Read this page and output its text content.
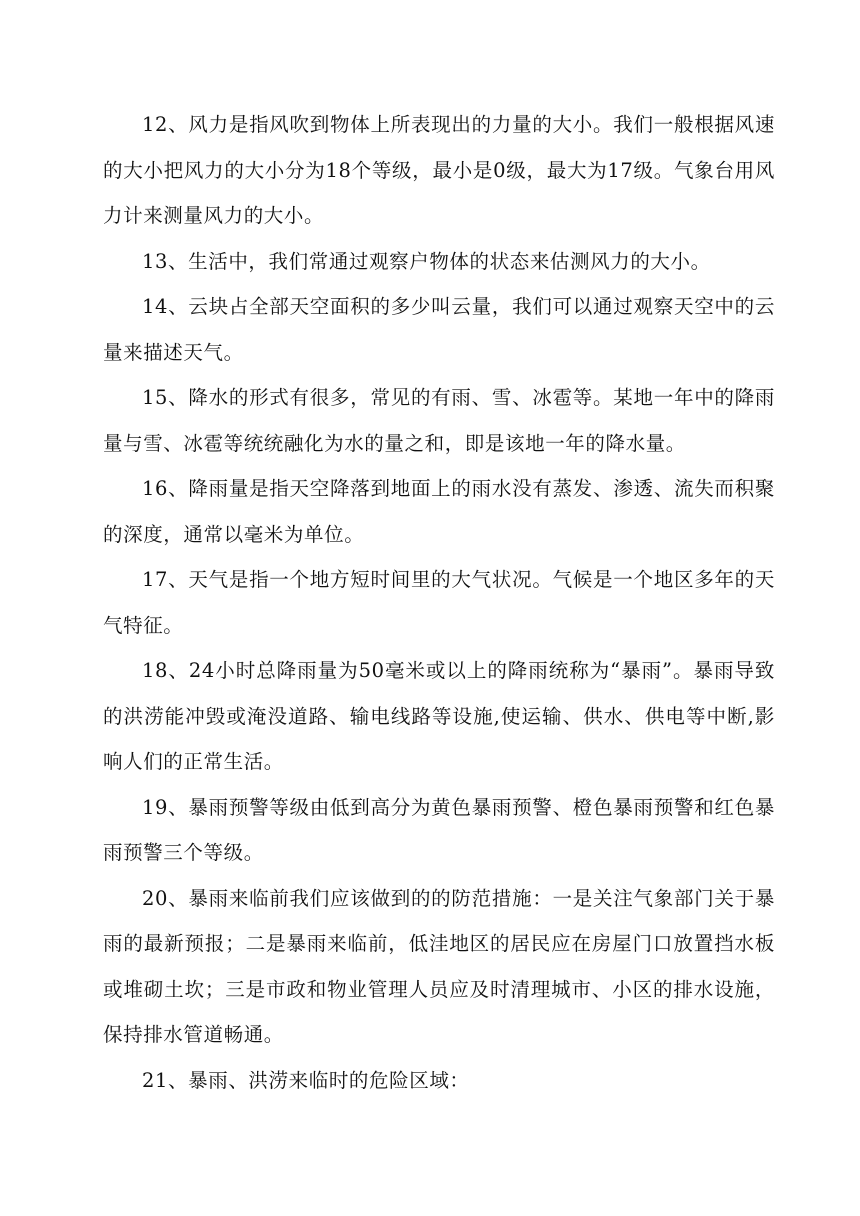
12、风力是指风吹到物体上所表现出的力量的大小。我们一般根据风速的大小把风力的大小分为18个等级，最小是0级，最大为17级。气象台用风力计来测量风力的大小。

13、生活中，我们常通过观察户物体的状态来估测风力的大小。

14、云块占全部天空面积的多少叫云量，我们可以通过观察天空中的云量来描述天气。

15、降水的形式有很多，常见的有雨、雪、冰雹等。某地一年中的降雨量与雪、冰雹等统统融化为水的量之和，即是该地一年的降水量。

16、降雨量是指天空降落到地面上的雨水没有蒸发、渗透、流失而积聚的深度，通常以毫米为单位。

17、天气是指一个地方短时间里的大气状况。气候是一个地区多年的天气特征。

18、24小时总降雨量为50毫米或以上的降雨统称为“暴雨”。暴雨导致的洪涝能冲毁或淹没道路、输电线路等设施,使运输、供水、供电等中断,影响人们的正常生活。

19、暴雨预警等级由低到高分为黄色暴雨预警、橙色暴雨预警和红色暴雨预警三个等级。

20、暴雨来临前我们应该做到的的防范措施：一是关注气象部门关于暴雨的最新预报；二是暴雨来临前，低洼地区的居民应在房屋门口放置挡水板或堆砌土坎；三是市政和物业管理人员应及时清理城市、小区的排水设施，保持排水管道畅通。

21、暴雨、洪涝来临时的危险区域：
